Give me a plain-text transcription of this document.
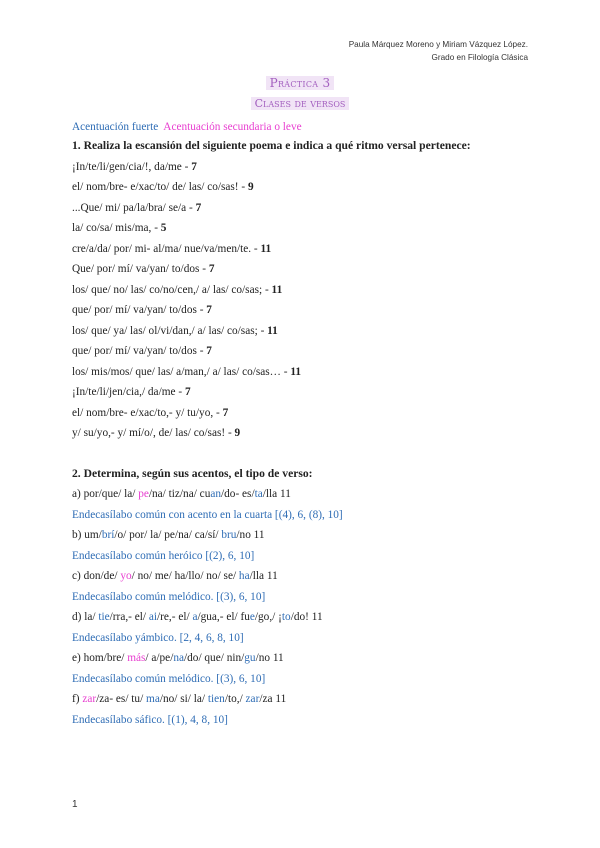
Paula Márquez Moreno y Miriam Vázquez López.
Grado en Filología Clásica
Práctica 3
Clases de versos
Acentuación fuerte Acentuación secundaria o leve
1. Realiza la escansión del siguiente poema e indica a qué ritmo versal pertenece:
¡In/te/li/gen/cia/!, da/me - 7
el/ nom/bre- e/xac/to/ de/ las/ co/sas! - 9
...Que/ mi/ pa/la/bra/ se/a - 7
la/ co/sa/ mis/ma, - 5
cre/a/da/ por/ mi- al/ma/ nue/va/men/te. - 11
Que/ por/ mí/ va/yan/ to/dos - 7
los/ que/ no/ las/ co/no/cen,/ a/ las/ co/sas; - 11
que/ por/ mí/ va/yan/ to/dos - 7
los/ que/ ya/ las/ ol/vi/dan,/ a/ las/ co/sas; - 11
que/ por/ mí/ va/yan/ to/dos - 7
los/ mis/mos/ que/ las/ a/man,/ a/ las/ co/sas… - 11
¡In/te/li/jen/cia,/ da/me - 7
el/ nom/bre- e/xac/to,- y/ tu/yo, - 7
y/ su/yo,- y/ mí/o/, de/ las/ co/sas! - 9
2. Determina, según sus acentos, el tipo de verso:
a) por/que/ la/ pe/na/ tiz/na/ cuan/do- es/ta/lla 11
Endecasílabo común con acento en la cuarta [(4), 6, (8), 10]
b) um/brí/o/ por/ la/ pe/na/ ca/sí/ bru/no 11
Endecasílabo común heróico [(2), 6, 10]
c) don/de/ yo/ no/ me/ ha/llo/ no/ se/ ha/lla 11
Endecasílabo común melódico. [(3), 6, 10]
d) la/ tie/rra,- el/ ai/re,- el/ a/gua,- el/ fue/go,/ ¡to/do! 11
Endecasílabo yámbico. [2, 4, 6, 8, 10]
e) hom/bre/ más/ a/pe/na/do/ que/ nin/gu/no 11
Endecasílabo común melódico. [(3), 6, 10]
f) zar/za- es/ tu/ ma/no/ si/ la/ tien/to,/ zar/za 11
Endecasílabo sáfico. [(1), 4, 8, 10]
1
